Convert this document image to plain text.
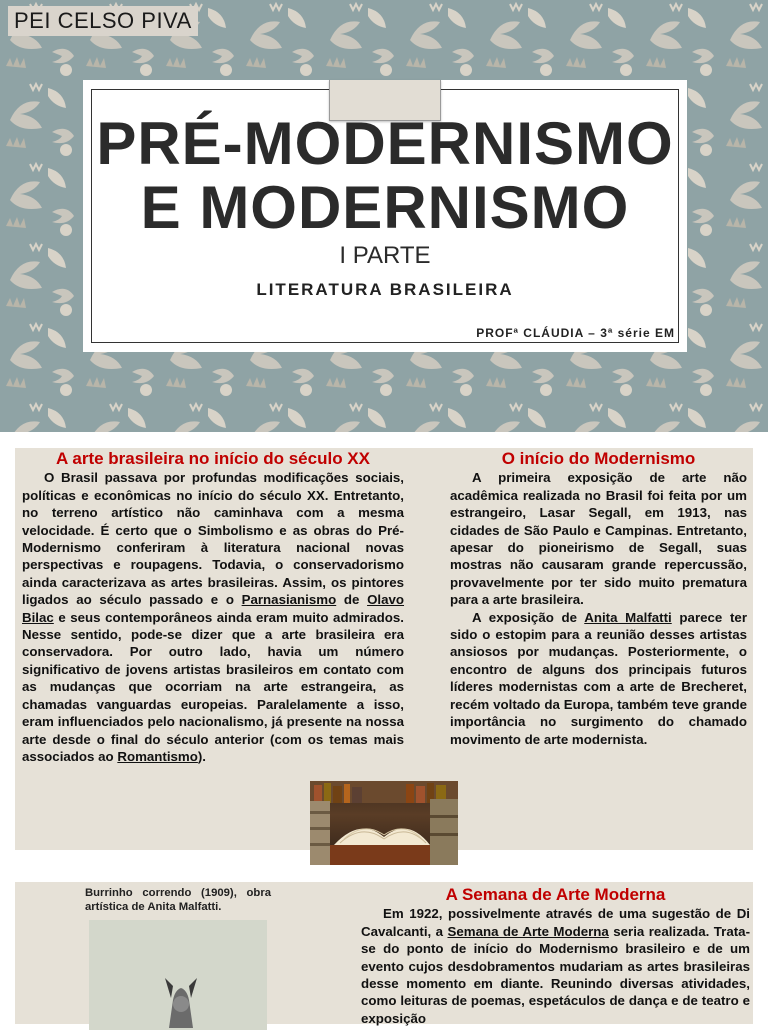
PEI CELSO PIVA
PRÉ-MODERNISMO
E MODERNISMO
I PARTE
LITERATURA BRASILEIRA
PROFª CLÁUDIA – 3ª série EM
A arte brasileira no início do século XX

O Brasil passava por profundas modificações sociais, políticas e econômicas no início do século XX. Entretanto, no terreno artístico não caminhava com a mesma velocidade. É certo que o Simbolismo e as obras do Pré-Modernismo conferiram à literatura nacional novas perspectivas e roupagens. Todavia, o conservadorismo ainda caracterizava as artes brasileiras. Assim, os pintores ligados ao século passado e o Parnasianismo de Olavo Bilac e seus contemporâneos ainda eram muito admirados. Nesse sentido, pode-se dizer que a arte brasileira era conservadora. Por outro lado, havia um número significativo de jovens artistas brasileiros em contato com as mudanças que ocorriam na arte estrangeira, as chamadas vanguardas europeias. Paralelamente a isso, eram influenciados pelo nacionalismo, já presente na nossa arte desde o final do século anterior (com os temas mais associados ao Romantismo).

O início do Modernismo

A primeira exposição de arte não acadêmica realizada no Brasil foi feita por um estrangeiro, Lasar Segall, em 1913, nas cidades de São Paulo e Campinas. Entretanto, apesar do pioneirismo de Segall, suas mostras não causaram grande repercussão, provavelmente por ter sido muito prematura para a arte brasileira.

A exposição de Anita Malfatti parece ter sido o estopim para a reunião desses artistas ansiosos por mudanças. Posteriormente, o encontro de alguns dos principais futuros líderes modernistas com a arte de Brecheret, recém voltado da Europa, também teve grande importância no surgimento do chamado movimento de arte modernista.

Burrinho correndo (1909), obra artística de Anita Malfatti.
A Semana de Arte Moderna

Em 1922, possivelmente através de uma sugestão de Di Cavalcanti, a Semana de Arte Moderna seria realizada. Trata-se do ponto de início do Modernismo brasileiro e de um evento cujos desdobramentos mudariam as artes brasileiras desse momento em diante. Reunindo diversas atividades, como leituras de poemas, espetáculos de dança e de teatro e exposição
